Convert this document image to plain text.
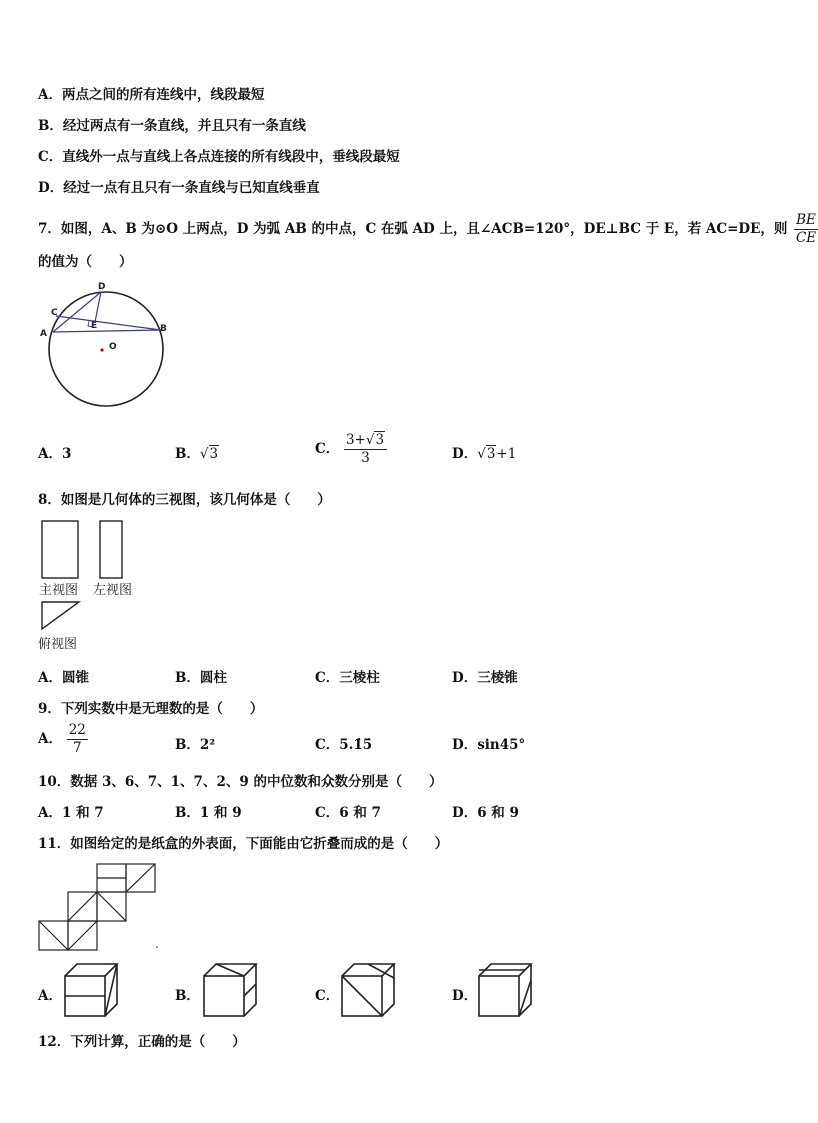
A．两点之间的所有连线中，线段最短
B．经过两点有一条直线，并且只有一条直线
C．直线外一点与直线上各点连接的所有线段中，垂线段最短
D．经过一点有且只有一条直线与已知直线垂直
7．如图，A、B 为⊙O 上两点，D 为弧 AB 的中点，C 在弧 AD 上，且∠ACB=120°，DE⊥BC 于 E，若 AC=DE，则 $\frac{BE}{CE}$
的值为（　　）
D
C
A
E	B
O
A．3	B．√3	C． $\frac{3+√3}{3}$	D．√3+1
8．如图是几何体的三视图，该几何体是（　　）
主视图 左视图
俯视图
A．圆锥	B．圆柱	C．三棱柱	D．三棱锥
9．下列实数中是无理数的是（　　）
A． $\frac{22}{7}$	B．2²	C．5.1̇5̇	D．sin45°
10．数据 3、6、7、1、7、2、9 的中位数和众数分别是（　　）
A．1 和 7	B．1 和 9	C．6 和 7	D．6 和 9
11．如图给定的是纸盒的外表面，下面能由它折叠而成的是（　　）
A．	B．	C．	D．
12．下列计算，正确的是（　　）
